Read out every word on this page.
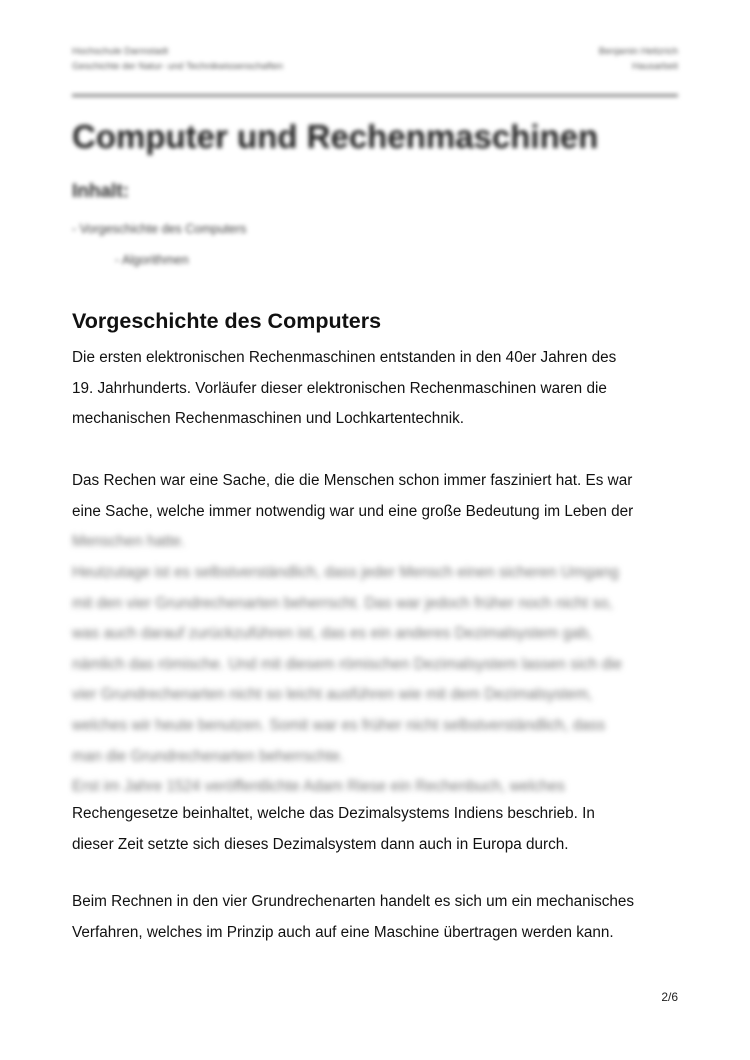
Hochschule Darmstadt
Geschichte der Natur- und Technikwissenschaften
Benjamin Heitzrich
Hausarbeit
Computer und Rechenmaschinen
Inhalt:
- Vorgeschichte des Computers
- Algorithmen
Vorgeschichte des Computers
Die ersten elektronischen Rechenmaschinen entstanden in den 40er Jahren des
19. Jahrhunderts. Vorläufer dieser elektronischen Rechenmaschinen waren die
mechanischen Rechenmaschinen und Lochkartentechnik.
Das Rechen war eine Sache, die die Menschen schon immer fasziniert hat. Es war
eine Sache, welche immer notwendig war und eine große Bedeutung im Leben der
Menschen hatte.
Heutzutage ist es selbstverständlich, dass jeder Mensch einen sicheren Umgang
mit den vier Grundrechenarten beherrscht. Das war jedoch früher noch nicht so,
was auch darauf zurückzuführen ist, das es ein anderes Dezimalsystem gab,
nämlich das römische. Und mit diesem römischen Dezimalsystem lassen sich die
vier Grundrechenarten nicht so leicht ausführen wie mit dem Dezimalsystem,
welches wir heute benutzen. Somit war es früher nicht selbstverständlich, dass
man die Grundrechenarten beherrschte.
Erst im Jahre 1524 veröffentlichte Adam Riese ein Rechenbuch, welches
Rechengesetze beinhaltet, welche das Dezimalsystems Indiens beschrieb. In
dieser Zeit setzte sich dieses Dezimalsystem dann auch in Europa durch.
Beim Rechnen in den vier Grundrechenarten handelt es sich um ein mechanisches
Verfahren, welches im Prinzip auch auf eine Maschine übertragen werden kann.
2/6
